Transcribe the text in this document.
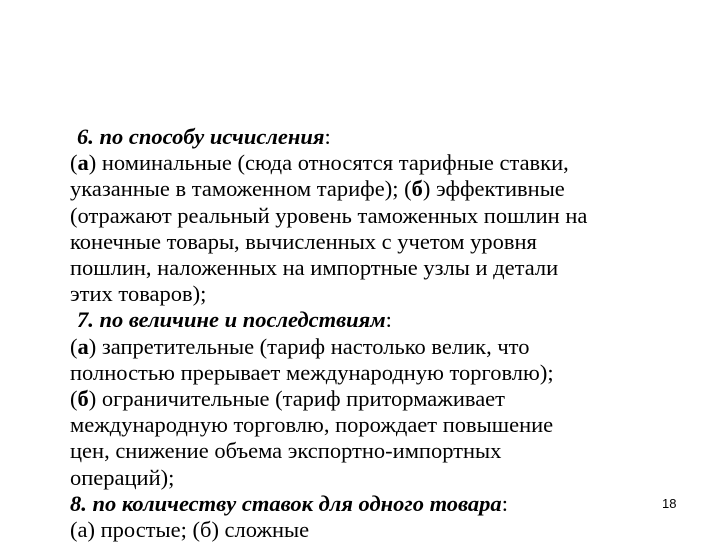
6. по способу исчисления:
(а) номинальные (сюда относятся тарифные ставки,
указанные в таможенном тарифе); (б) эффективные
(отражают реальный уровень таможенных пошлин на
конечные товары, вычисленных с учетом уровня
пошлин, наложенных на импортные узлы и детали
этих товаров);
7. по величине и последствиям:
(а) запретительные (тариф настолько велик, что
полностью прерывает международную торговлю);
(б) ограничительные (тариф притормаживает
международную торговлю, порождает повышение
цен, снижение объема экспортно-импортных
операций);
8. по количеству ставок для одного товара:
(а) простые; (б) сложные
18
